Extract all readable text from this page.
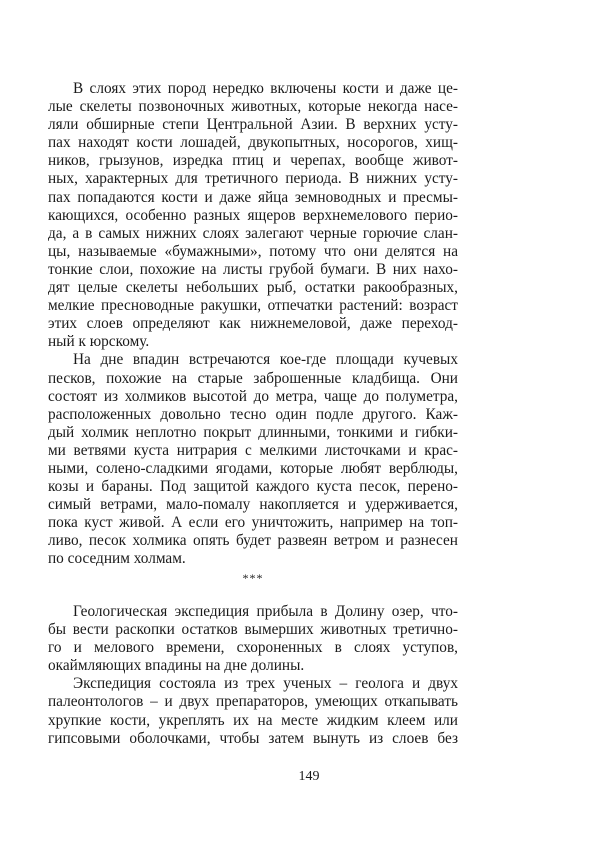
В слоях этих пород нередко включены кости и даже це-
лые скелеты позвоночных животных, которые некогда насе-
ляли обширные степи Центральной Азии. В верхних усту-
пах находят кости лошадей, двукопытных, носорогов, хищ-
ников, грызунов, изредка птиц и черепах, вообще живот-
ных, характерных для третичного периода. В нижних усту-
пах попадаются кости и даже яйца земноводных и пресмы-
кающихся, особенно разных ящеров верхнемелового перио-
да, а в самых нижних слоях залегают черные горючие слан-
цы, называемые «бумажными», потому что они делятся на
тонкие слои, похожие на листы грубой бумаги. В них нахо-
дят целые скелеты небольших рыб, остатки ракообразных,
мелкие пресноводные ракушки, отпечатки растений: возраст
этих слоев определяют как нижнемеловой, даже переход-
ный к юрскому.
На дне впадин встречаются кое-где площади кучевых
песков, похожие на старые заброшенные кладбища. Они
состоят из холмиков высотой до метра, чаще до полуметра,
расположенных довольно тесно один подле другого. Каж-
дый холмик неплотно покрыт длинными, тонкими и гибки-
ми ветвями куста нитрария с мелкими листочками и крас-
ными, солено-сладкими ягодами, которые любят верблюды,
козы и бараны. Под защитой каждого куста песок, перено-
симый ветрами, мало-помалу накопляется и удерживается,
пока куст живой. А если его уничтожить, например на топ-
ливо, песок холмика опять будет развеян ветром и разнесен
по соседним холмам.
***
Геологическая экспедиция прибыла в Долину озер, что-
бы вести раскопки остатков вымерших животных третично-
го и мелового времени, схороненных в слоях уступов,
окаймляющих впадины на дне долины.
Экспедиция состояла из трех ученых – геолога и двух
палеонтологов – и двух препараторов, умеющих откапывать
хрупкие кости, укреплять их на месте жидким клеем или
гипсовыми оболочками, чтобы затем вынуть из слоев без
149
